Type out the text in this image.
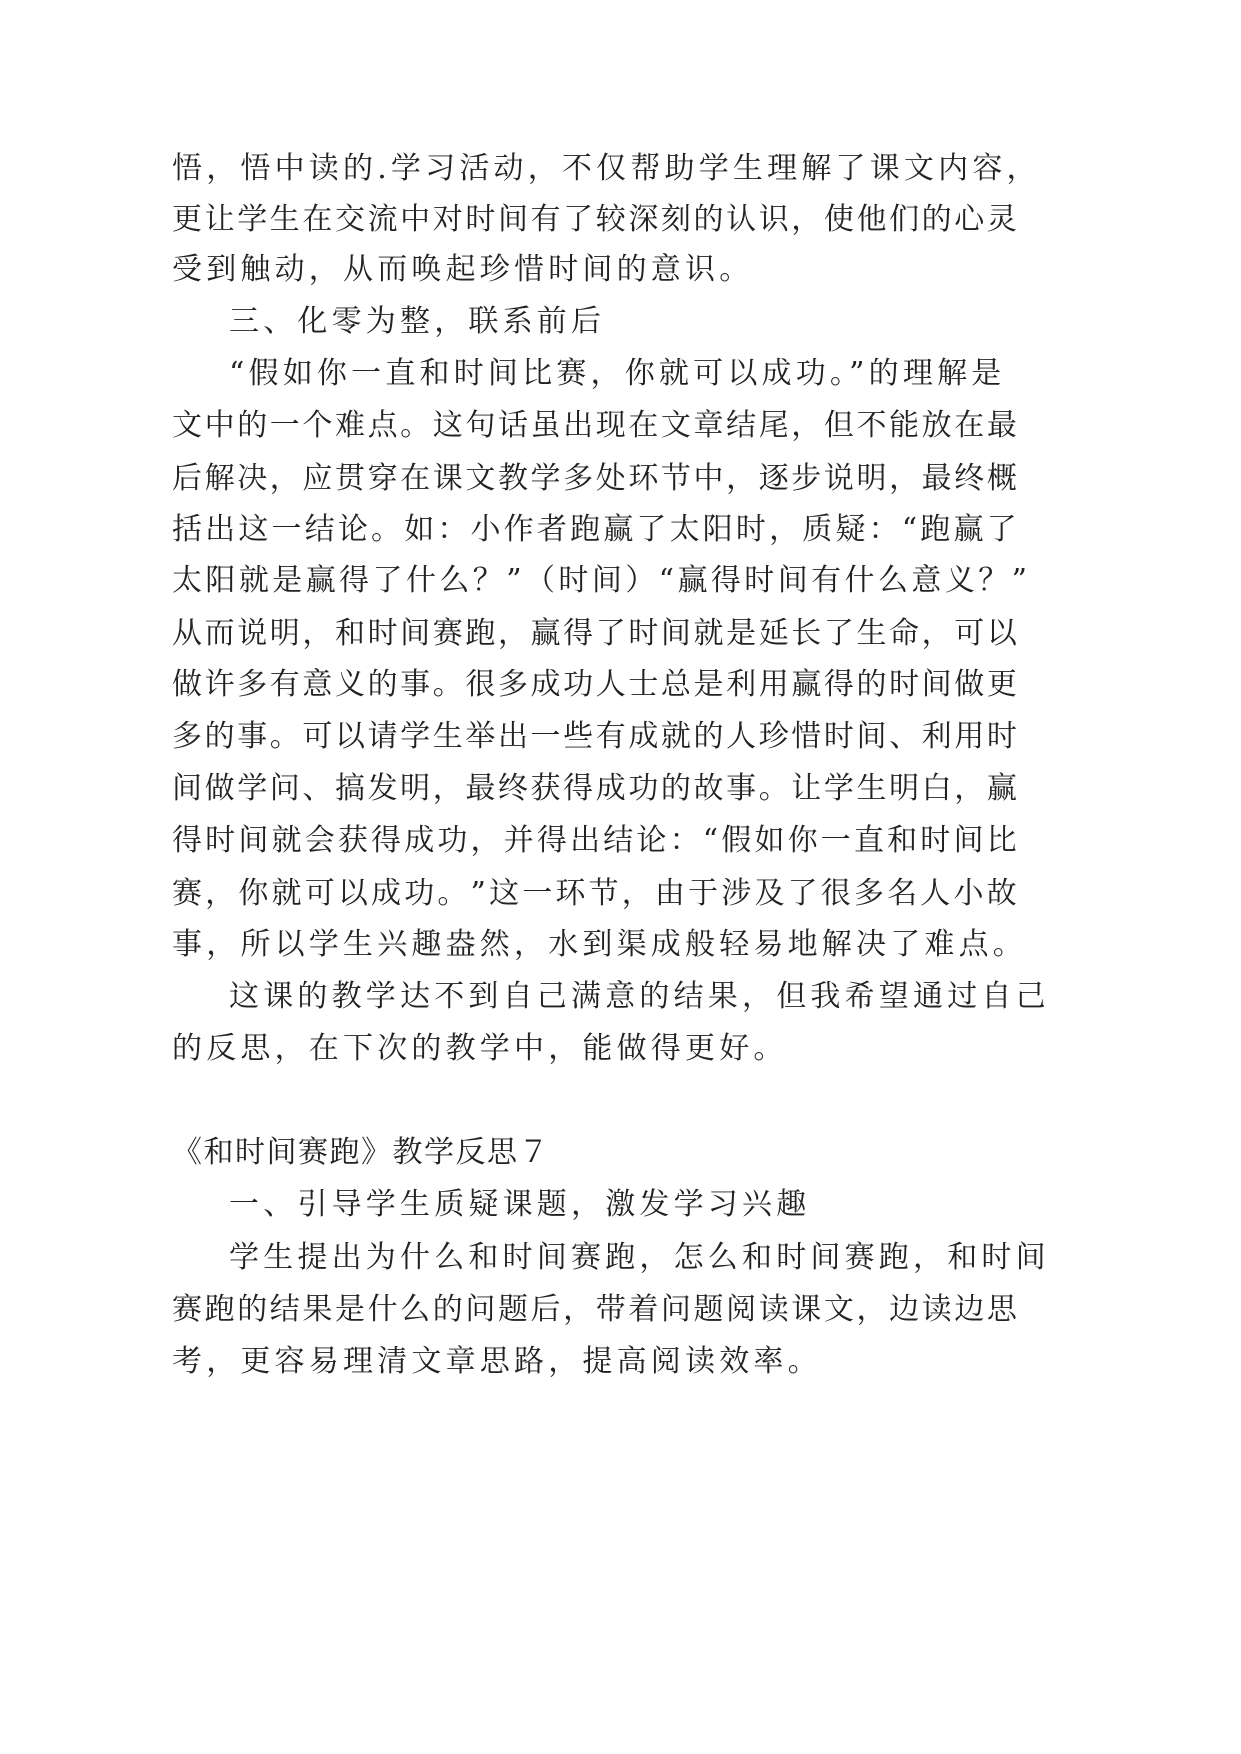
悟，悟中读的.学习活动，不仅帮助学生理解了课文内容，
更 让 学 生 在 交 流 中 对 时 间 有 了 较 深 刻 的 认 识 ， 使 他 们 的 心 灵
受到触动，从而唤起珍惜时间的意识。
三、化零为整，联系前后
“假如你一直和时间比赛，你就可以成功。”的理解是
文 中 的 一 个 难 点 。 这 句 话 虽 出 现 在 文 章 结 尾 ， 但 不 能 放 在 最
后 解 决 ， 应 贯 穿 在 课 文 教 学 多 处 环 节 中 ， 逐 步 说 明 ， 最 终 概
括 出 这 一 结 论 。 如 ： 小 作 者 跑 赢 了 太 阳 时 ， 质 疑 ： “ 跑 赢 了
太 阳 就 是 赢 得 了 什 么 ？ ” （ 时 间 ） “ 赢 得 时 间 有 什 么 意 义 ？ ”
从 而 说 明 ， 和 时 间 赛 跑 ， 赢 得 了 时 间 就 是 延 长 了 生 命 ， 可 以
做 许 多 有 意 义 的 事 。 很 多 成 功 人 士 总 是 利 用 赢 得 的 时 间 做 更
多 的 事 。 可 以 请 学 生 举 出 一 些 有 成 就 的 人 珍 惜 时 间 、 利 用 时
间 做 学 问 、 搞 发 明 ， 最 终 获 得 成 功 的 故 事 。 让 学 生 明 白 ， 赢
得 时 间 就 会 获 得 成 功 ， 并 得 出 结 论 ： “ 假 如 你 一 直 和 时 间 比
赛 ， 你 就 可 以 成 功 。 ” 这 一 环 节 ， 由 于 涉 及 了 很 多 名 人 小 故
事，所以学生兴趣盎然，水到渠成般轻易地解决了难点。
这课的教学达不到自己满意的结果，但我希望通过自己
的反思，在下次的教学中，能做得更好。
《和时间赛跑》教学反思７
一、引导学生质疑课题，激发学习兴趣
学生提出为什么和时间赛跑，怎么和时间赛跑，和时间
赛 跑 的 结 果 是 什 么 的 问 题 后 ， 带 着 问 题 阅 读 课 文 ， 边 读 边 思
考，更容易理清文章思路，提高阅读效率。
